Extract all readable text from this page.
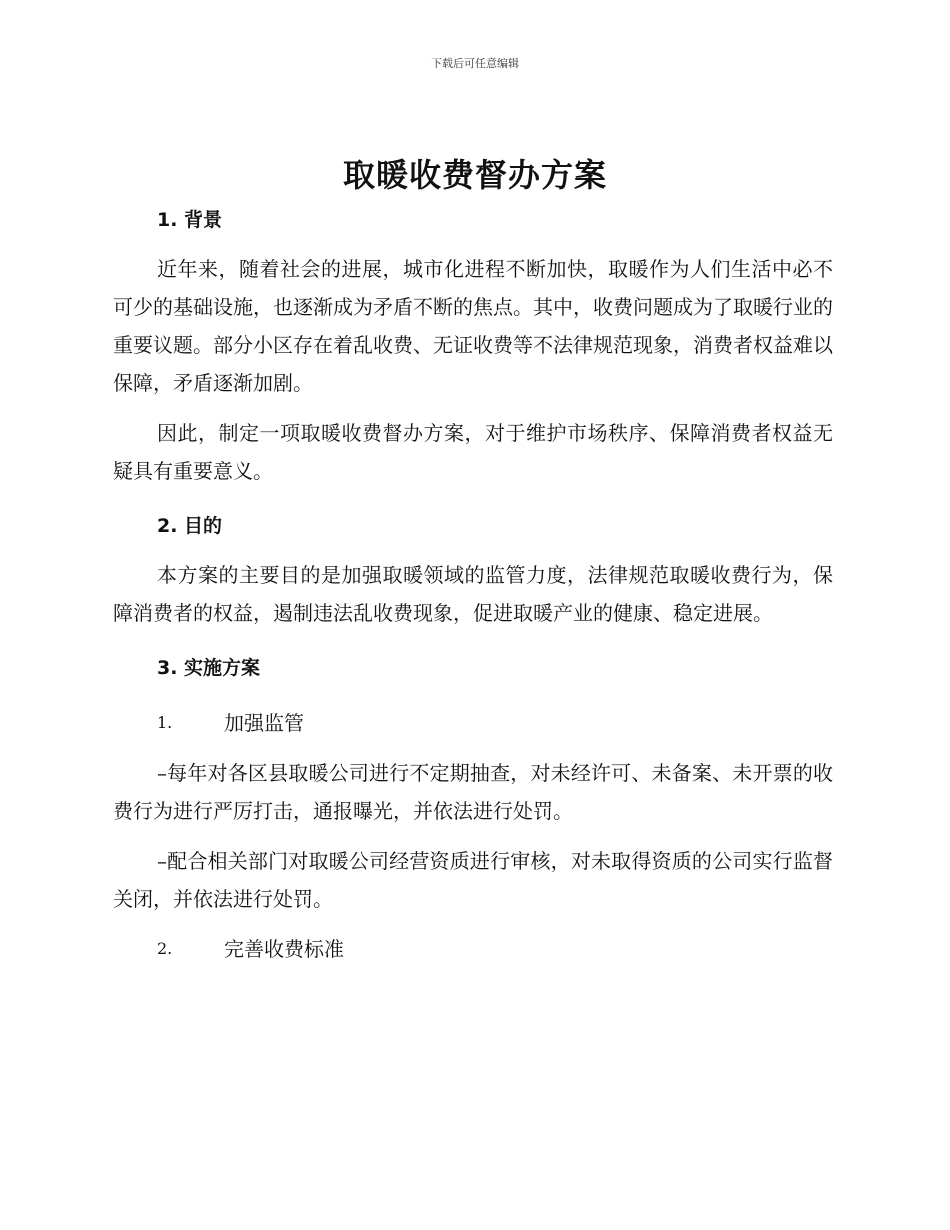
下载后可任意编辑
取暖收费督办方案
1. 背景

近年来，随着社会的进展，城市化进程不断加快，取暖作为人们生活中必不可少的基础设施，也逐渐成为矛盾不断的焦点。其中，收费问题成为了取暖行业的重要议题。部分小区存在着乱收费、无证收费等不法律规范现象，消费者权益难以保障，矛盾逐渐加剧。

因此，制定一项取暖收费督办方案，对于维护市场秩序、保障消费者权益无疑具有重要意义。

2. 目的

本方案的主要目的是加强取暖领域的监管力度，法律规范取暖收费行为，保障消费者的权益，遏制违法乱收费现象，促进取暖产业的健康、稳定进展。

3. 实施方案
1.	加强监管

–每年对各区县取暖公司进行不定期抽查，对未经许可、未备案、未开票的收费行为进行严厉打击，通报曝光，并依法进行处罚。

–配合相关部门对取暖公司经营资质进行审核，对未取得资质的公司实行监督关闭，并依法进行处罚。

2.	完善收费标准
